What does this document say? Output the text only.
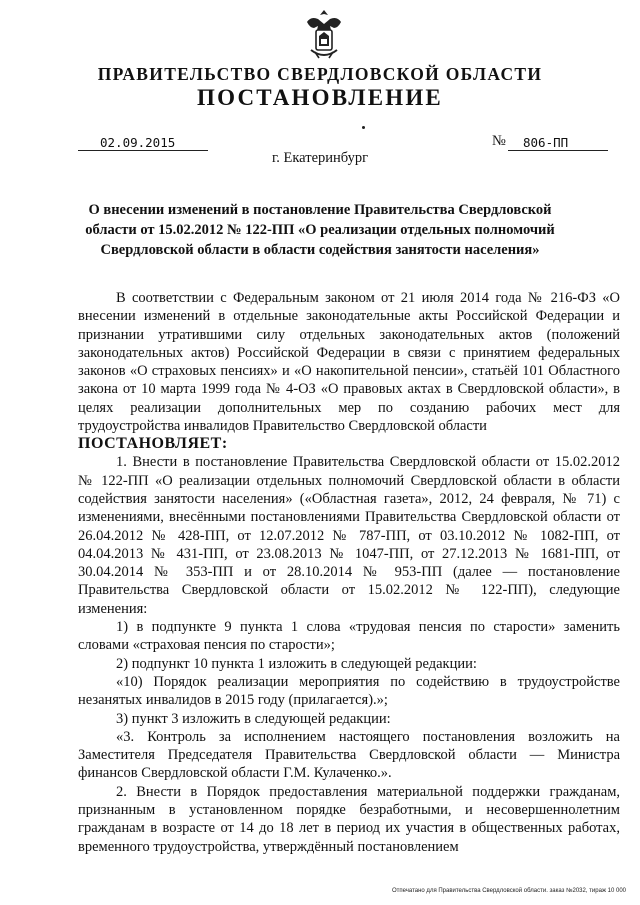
ПРАВИТЕЛЬСТВО СВЕРДЛОВСКОЙ ОБЛАСТИ
ПОСТАНОВЛЕНИЕ
02.09.2015	№ 806-ПП
г. Екатеринбург
О внесении изменений в постановление Правительства Свердловской
области от 15.02.2012 № 122-ПП «О реализации отдельных полномочий
Свердловской области в области содействия занятости населения»

В соответствии с Федеральным законом от 21 июля 2014 года № 216-ФЗ «О внесении изменений в отдельные законодательные акты Российской Федерации и признании утратившими силу отдельных законодательных актов (положений законодательных актов) Российской Федерации в связи с принятием федеральных законов «О страховых пенсиях» и «О накопительной пенсии», статьёй 101 Областного закона от 10 марта 1999 года № 4-ОЗ «О правовых актах в Свердловской области», в целях реализации дополнительных мер по созданию рабочих мест для трудоустройства инвалидов Правительство Свердловской области

ПОСТАНОВЛЯЕТ:

1. Внести в постановление Правительства Свердловской области от 15.02.2012 № 122-ПП «О реализации отдельных полномочий Свердловской области в области содействия занятости населения» («Областная газета», 2012, 24 февраля, № 71) с изменениями, внесёнными постановлениями Правительства Свердловской области от 26.04.2012 № 428-ПП, от 12.07.2012 № 787-ПП, от 03.10.2012 № 1082-ПП, от 04.04.2013 № 431-ПП, от 23.08.2013 № 1047-ПП, от 27.12.2013 № 1681-ПП, от 30.04.2014 № 353-ПП и от 28.10.2014 № 953-ПП (далее — постановление Правительства Свердловской области от 15.02.2012 № 122-ПП), следующие изменения:

1) в подпункте 9 пункта 1 слова «трудовая пенсия по старости» заменить словами «страховая пенсия по старости»;

2) подпункт 10 пункта 1 изложить в следующей редакции:

«10) Порядок реализации мероприятия по содействию в трудоустройстве незанятых инвалидов в 2015 году (прилагается).»;

3) пункт 3 изложить в следующей редакции:

«3. Контроль за исполнением настоящего постановления возложить на Заместителя Председателя Правительства Свердловской области — Министра финансов Свердловской области Г.М. Кулаченко.».

2. Внести в Порядок предоставления материальной поддержки гражданам, признанным в установленном порядке безработными, и несовершеннолетним гражданам в возрасте от 14 до 18 лет в период их участия в общественных работах, временного трудоустройства, утверждённый постановлением

Отпечатано для Правительства Свердловской области. заказ №2032, тираж 10 000
